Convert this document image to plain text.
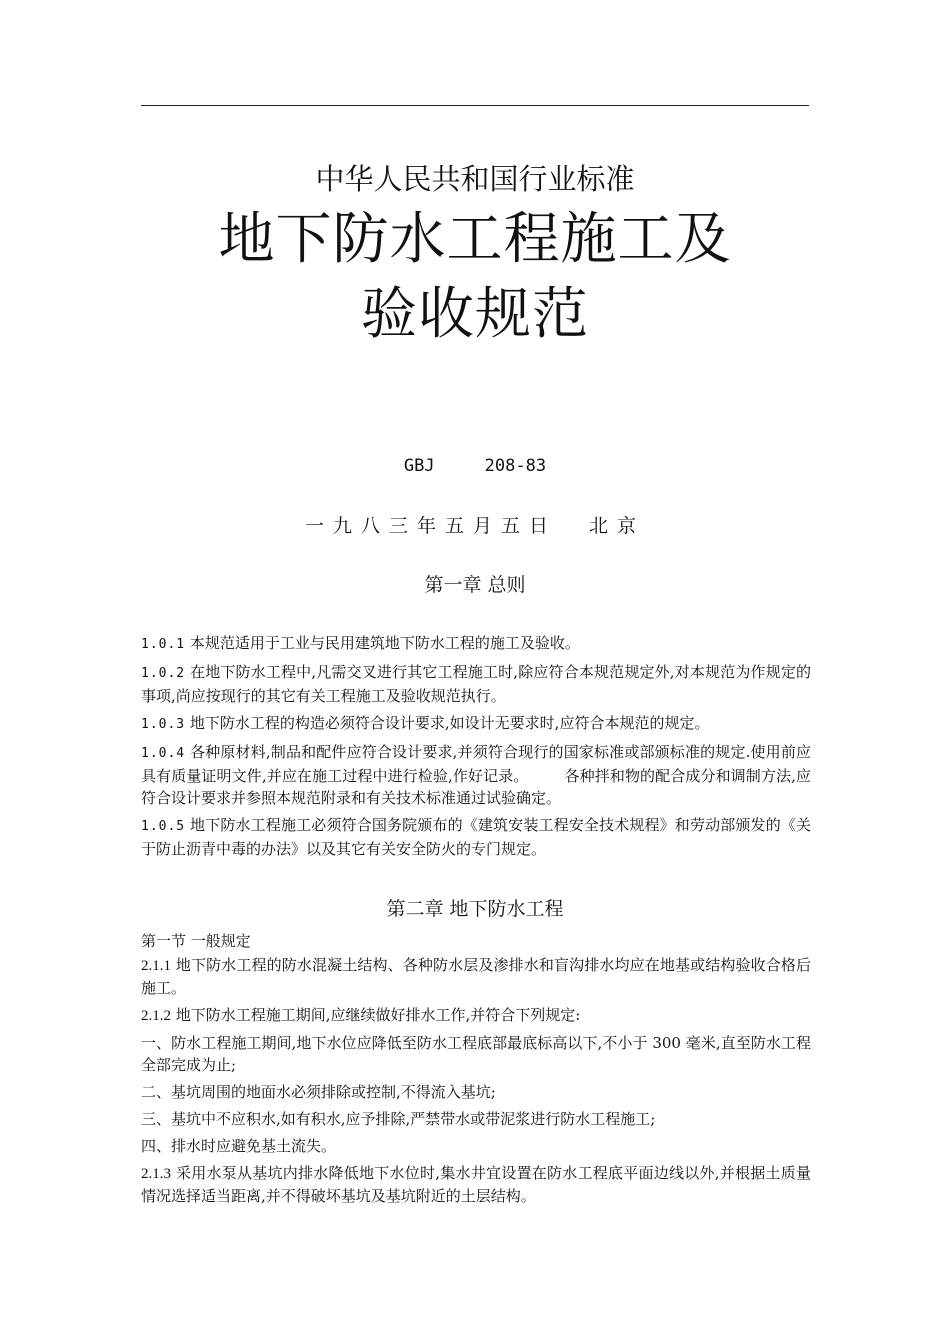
中华人民共和国行业标准
地下防水工程施工及
验收规范
GBJ	208-83
一九八三年五月五日 北京
第一章 总则

1.0.1 本规范适用于工业与民用建筑地下防水工程的施工及验收。

1.0.2 在地下防水工程中,凡需交叉进行其它工程施工时,除应符合本规范规定外,对本规范为作规定的事项,尚应按现行的其它有关工程施工及验收规范执行。

1.0.3 地下防水工程的构造必须符合设计要求,如设计无要求时,应符合本规范的规定。

1.0.4 各种原材料,制品和配件应符合设计要求,并须符合现行的国家标准或部颁标准的规定.使用前应具有质量证明文件,并应在施工过程中进行检验,作好记录。 各种拌和物的配合成分和调制方法,应符合设计要求并参照本规范附录和有关技术标准通过试验确定。

1.0.5 地下防水工程施工必须符合国务院颁布的《建筑安装工程安全技术规程》和劳动部颁发的《关于防止沥青中毒的办法》以及其它有关安全防火的专门规定。

第二章 地下防水工程

第一节 一般规定

2.1.1 地下防水工程的防水混凝土结构、各种防水层及渗排水和盲沟排水均应在地基或结构验收合格后施工。

2.1.2 地下防水工程施工期间,应继续做好排水工作,并符合下列规定:

一、防水工程施工期间,地下水位应降低至防水工程底部最底标高以下,不小于 300 毫米,直至防水工程全部完成为止;

二、基坑周围的地面水必须排除或控制,不得流入基坑;

三、基坑中不应积水,如有积水,应予排除,严禁带水或带泥浆进行防水工程施工;

四、排水时应避免基土流失。

2.1.3 采用水泵从基坑内排水降低地下水位时,集水井宜设置在防水工程底平面边线以外,并根据土质量情况选择适当距离,并不得破坏基坑及基坑附近的土层结构。
